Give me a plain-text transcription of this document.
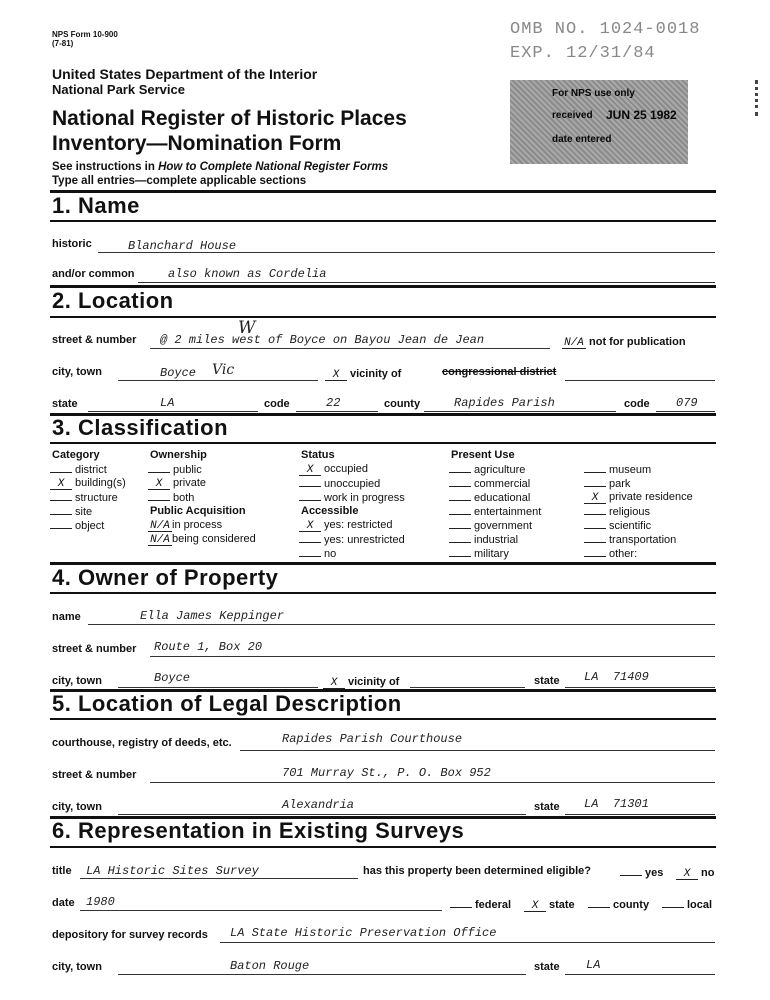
NPS Form 10-900
(7-81)
OMB NO. 1024-0018
EXP. 12/31/84
United States Department of the Interior
National Park Service
National Register of Historic Places
Inventory—Nomination Form
See instructions in How to Complete National Register Forms
Type all entries—complete applicable sections
For NPS use only
received JUN 25 1982
date entered
1. Name
historic	Blanchard House
and/or common	also known as Cordelia
2. Location
street & number
W
@ 2 miles west of Boyce on Bayou Jean de Jean	N/A not for publication
city, town	Boyce Vic	X vicinity of	congressional district
state	LA	code	22	county	Rapides Parish	code 079
3. Classification
Category
district
X building(s)
structure
site
object
Ownership
public
X private
both
Public Acquisition
N/A in process
N/A being considered
Status
X occupied
unoccupied
work in progress
Accessible
X yes: restricted
yes: unrestricted
no
Present Use
agriculture
commercial
educational
entertainment
government
industrial
military
museum
park
X private residence
religious
scientific
transportation
other:
4. Owner of Property
name	Ella James Keppinger
street & number Route 1, Box 20
city, town	Boyce	X vicinity of	state LA  71409
5. Location of Legal Description
courthouse, registry of deeds, etc.	Rapides Parish Courthouse
street & number	701 Murray St., P. O. Box 952
city, town	Alexandria	state LA  71301
6. Representation in Existing Surveys
title LA Historic Sites Survey	has this property been determined eligible?	yes	X no
date 1980	federal	X state	county	local
depository for survey records LA State Historic Preservation Office
city, town	Baton Rouge	state LA
